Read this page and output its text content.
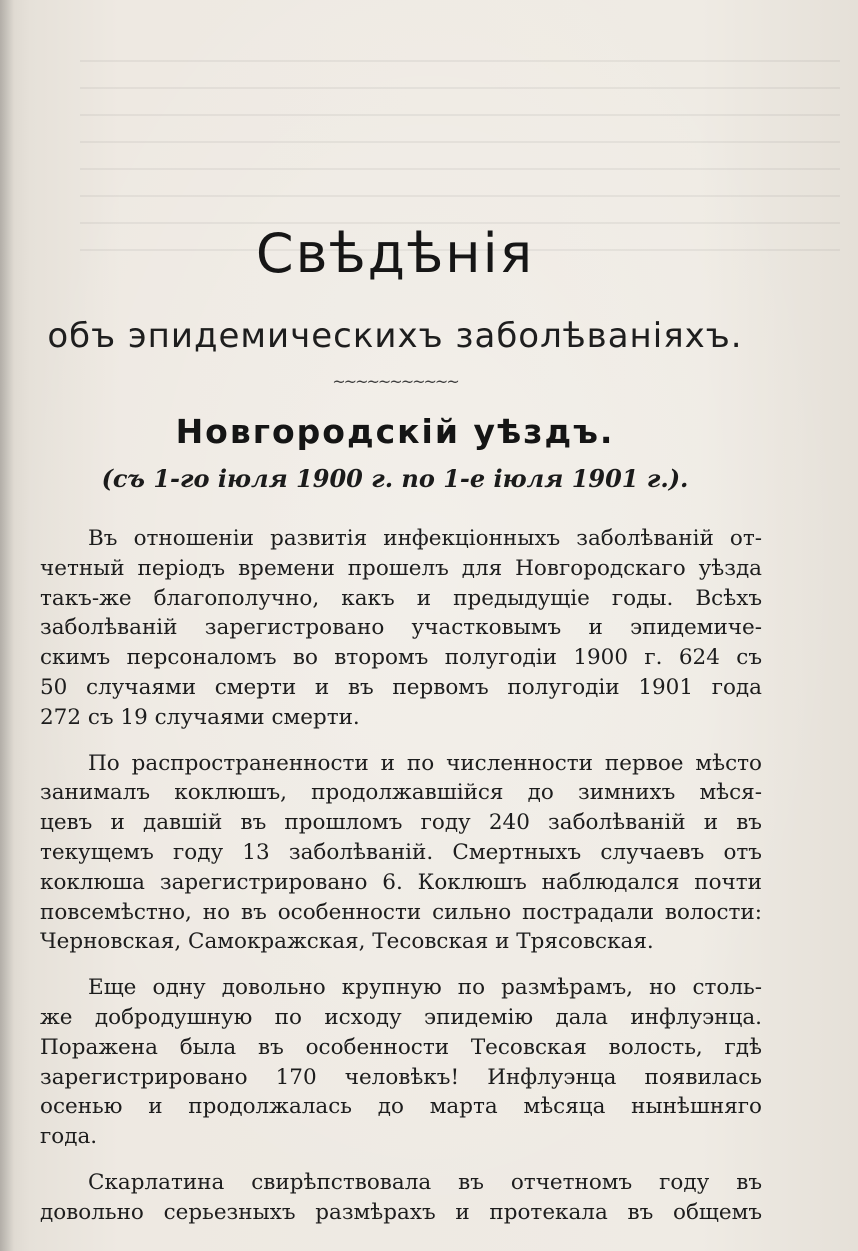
Свѣдѣнія
объ эпидемическихъ заболѣваніяхъ.
~~~~~~~~~~~
Новгородскій уѣздъ.
(съ 1-го іюля 1900 г. по 1-е іюля 1901 г.).
Въ отношеніи развитія инфекціонныхъ заболѣваній от-
четный періодъ времени прошелъ для Новгородскаго уѣзда
такъ-же благополучно, какъ и предыдущіе годы. Всѣхъ
заболѣваній зарегистровано участковымъ и эпидемиче-
скимъ персоналомъ во второмъ полугодіи 1900 г. 624 съ
50 случаями смерти и въ первомъ полугодіи 1901 года
272 съ 19 случаями смерти.
По распространенности и по численности первое мѣсто
занималъ коклюшъ, продолжавшійся до зимнихъ мѣся-
цевъ и давшій въ прошломъ году 240 заболѣваній и въ
текущемъ году 13 заболѣваній. Смертныхъ случаевъ отъ
коклюша зарегистрировано 6. Коклюшъ наблюдался почти
повсемѣстно, но въ особенности сильно пострадали волости:
Черновская, Самокражская, Тесовская и Трясовская.
Еще одну довольно крупную по размѣрамъ, но столь-
же добродушную по исходу эпидемію дала инфлуэнца.
Поражена была въ особенности Тесовская волость, гдѣ
зарегистрировано 170 человѣкъ! Инфлуэнца появилась
осенью и продолжалась до марта мѣсяца нынѣшняго
года.
Скарлатина свирѣпствовала въ отчетномъ году въ
довольно серьезныхъ размѣрахъ и протекала въ общемъ
